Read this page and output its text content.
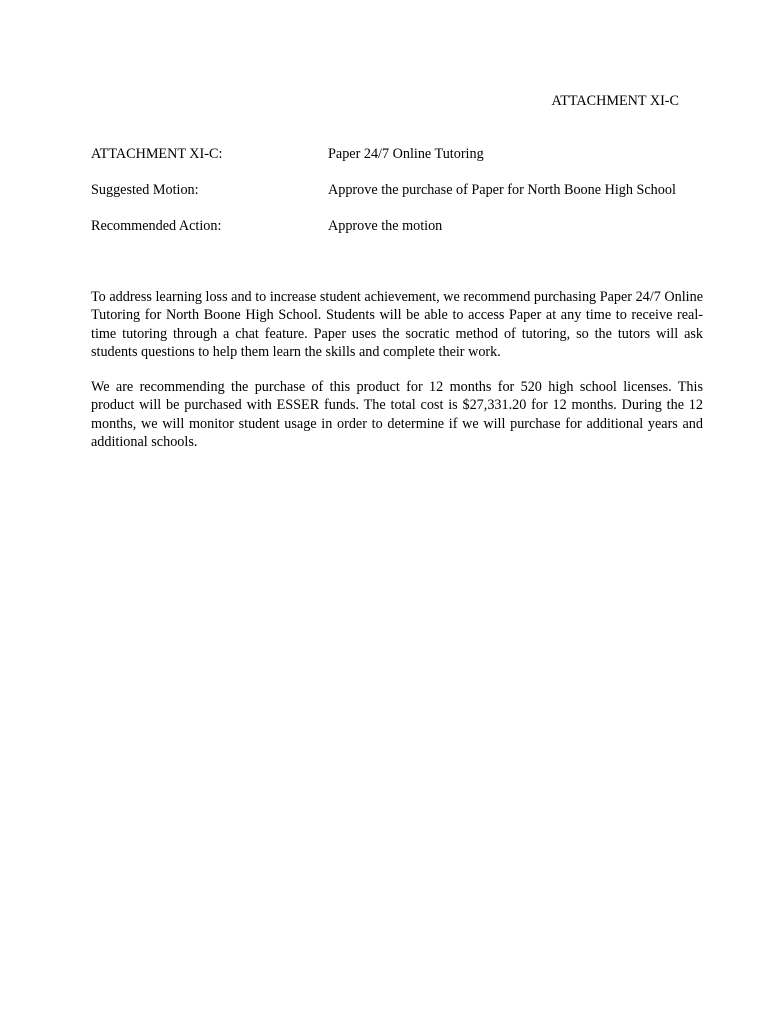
ATTACHMENT XI-C
ATTACHMENT XI-C:	Paper 24/7 Online Tutoring
Suggested Motion:	Approve the purchase of Paper for North Boone High School
Recommended Action:	Approve the motion

To address learning loss and to increase student achievement, we recommend purchasing Paper 24/7 Online Tutoring for North Boone High School. Students will be able to access Paper at any time to receive real-time tutoring through a chat feature. Paper uses the socratic method of tutoring, so the tutors will ask students questions to help them learn the skills and complete their work.

We are recommending the purchase of this product for 12 months for 520 high school licenses. This product will be purchased with ESSER funds. The total cost is $27,331.20 for 12 months. During the 12 months, we will monitor student usage in order to determine if we will purchase for additional years and additional schools.
